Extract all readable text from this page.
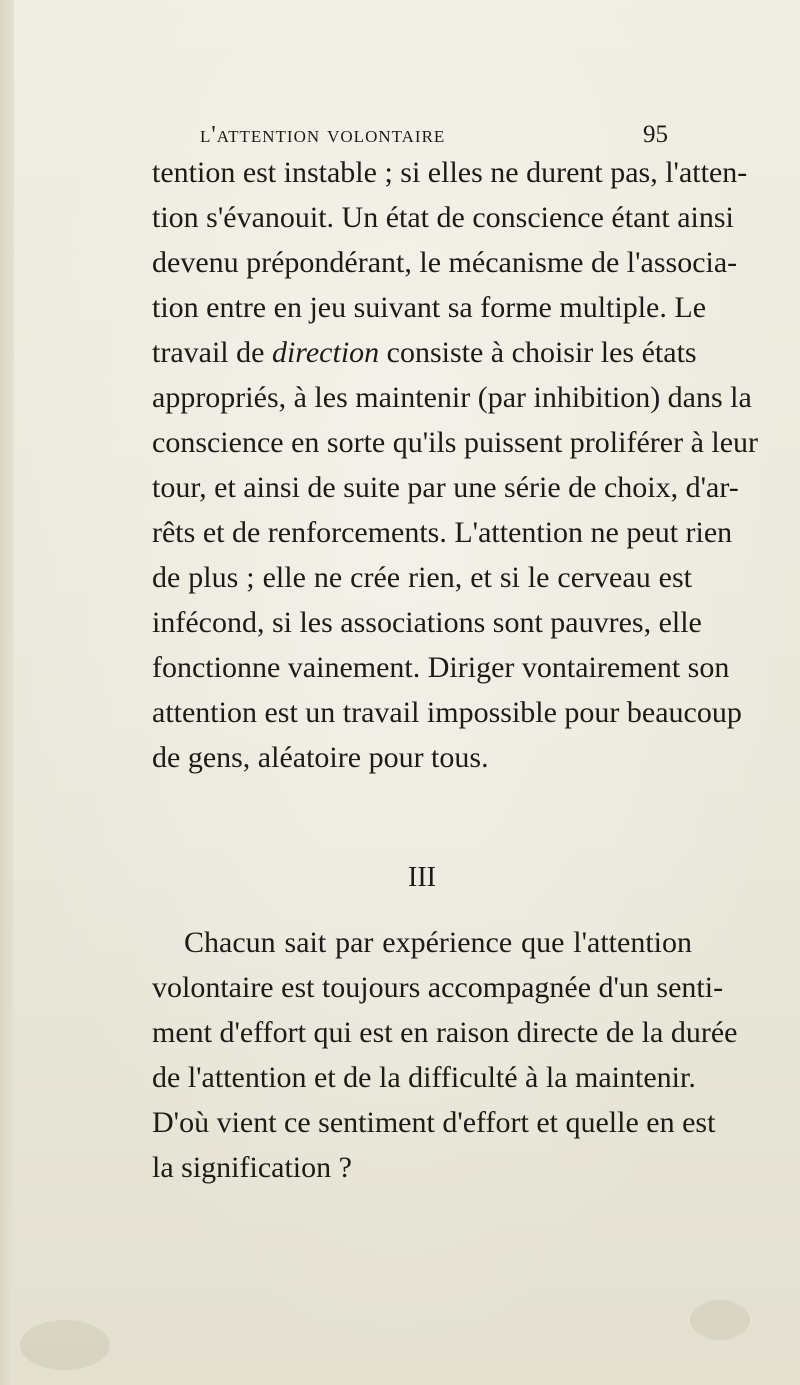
l'attention volontaire	95
tention est instable ; si elles ne durent pas, l'atten-
tion s'évanouit. Un état de conscience étant ainsi
devenu prépondérant, le mécanisme de l'associa-
tion entre en jeu suivant sa forme multiple. Le
travail de direction consiste à choisir les états
appropriés, à les maintenir (par inhibition) dans la
conscience en sorte qu'ils puissent proliférer à leur
tour, et ainsi de suite par une série de choix, d'ar-
rêts et de renforcements. L'attention ne peut rien
de plus ; elle ne crée rien, et si le cerveau est
infécond, si les associations sont pauvres, elle
fonctionne vainement. Diriger vontairement son
attention est un travail impossible pour beaucoup
de gens, aléatoire pour tous.
III
Chacun sait par expérience que l'attention
volontaire est toujours accompagnée d'un senti-
ment d'effort qui est en raison directe de la durée
de l'attention et de la difficulté à la maintenir.
D'où vient ce sentiment d'effort et quelle en est
la signification ?
